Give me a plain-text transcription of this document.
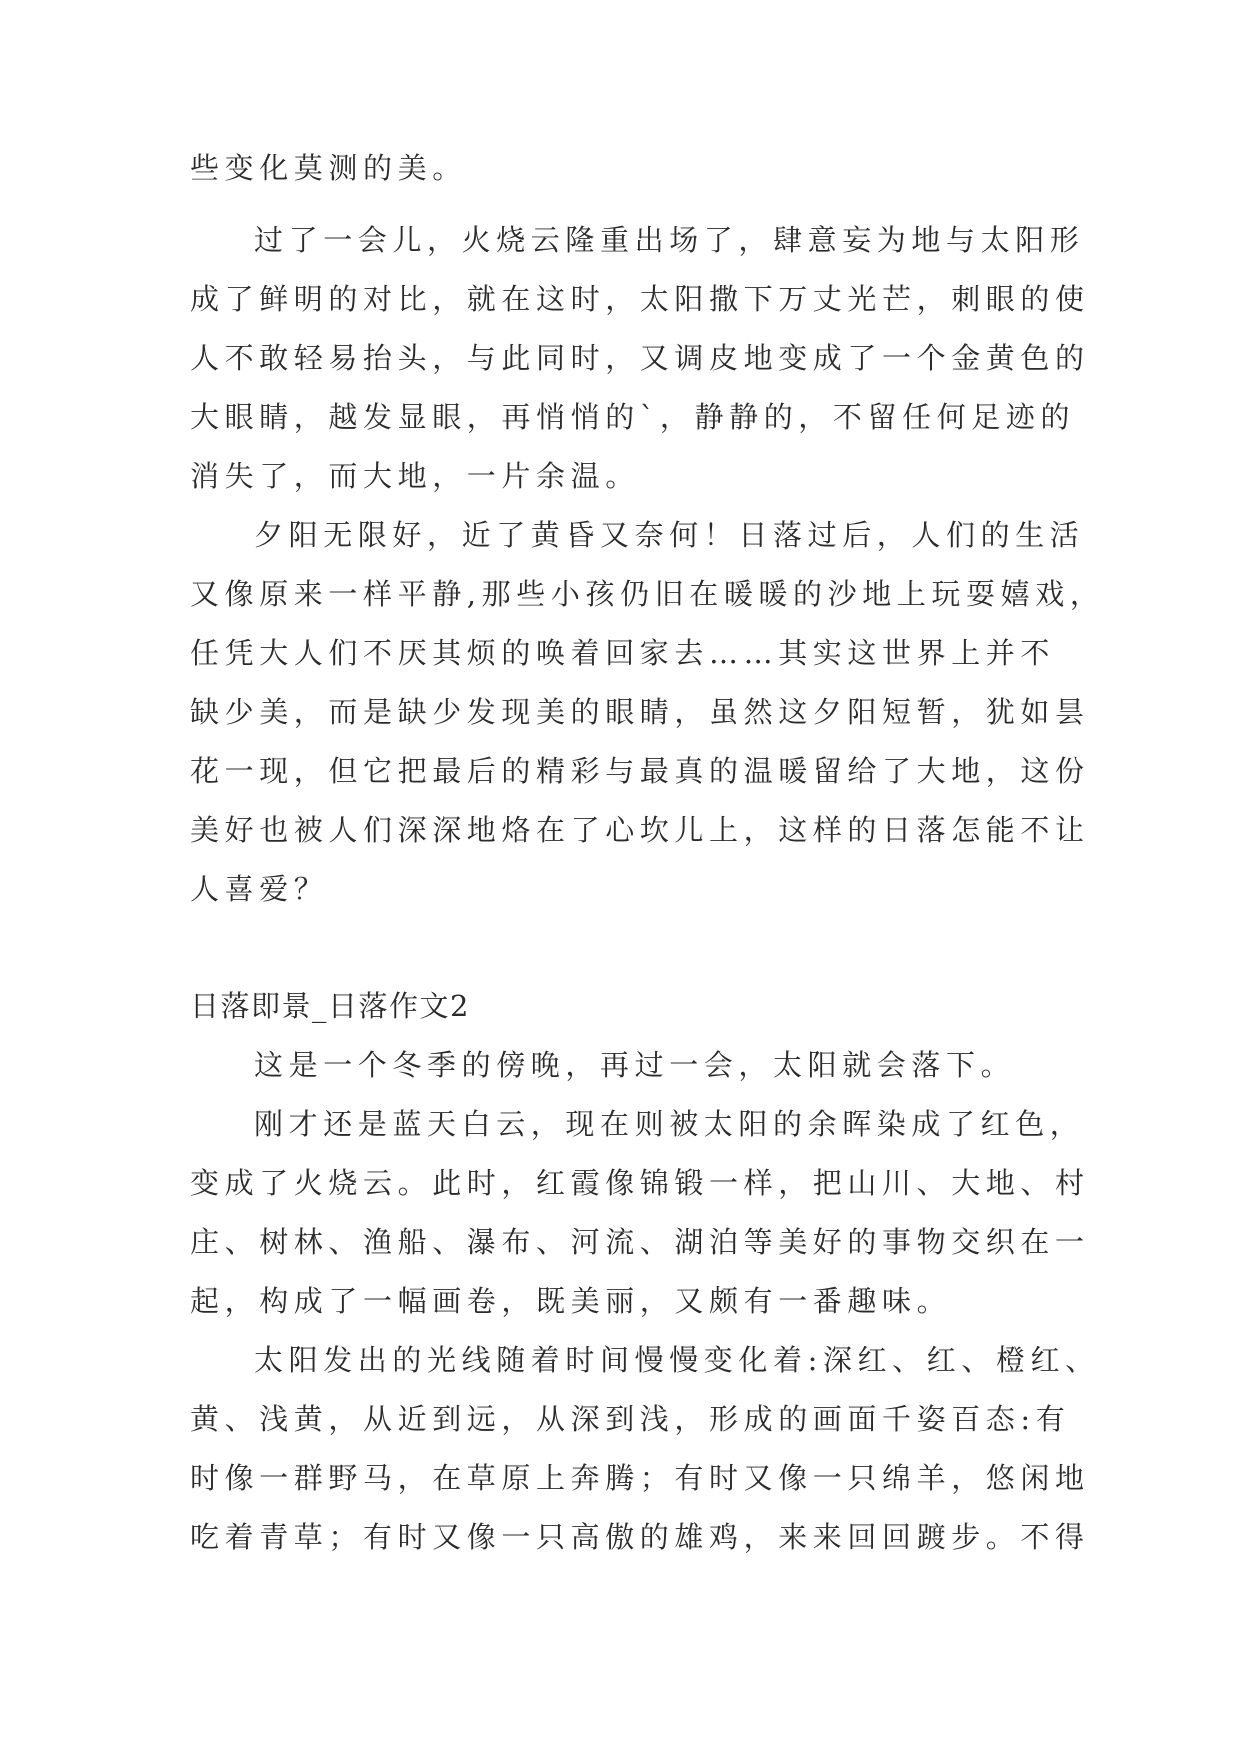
些变化莫测的美。
过了一会儿，火烧云隆重出场了，肆意妄为地与太阳形
成了鲜明的对比，就在这时，太阳撒下万丈光芒，刺眼的使
人不敢轻易抬头，与此同时，又调皮地变成了一个金黄色的
大眼睛，越发显眼，再悄悄的`，静静的，不留任何足迹的
消失了，而大地，一片余温。
夕阳无限好，近了黄昏又奈何！日落过后，人们的生活
又像原来一样平静,那些小孩仍旧在暖暖的沙地上玩耍嬉戏，
任凭大人们不厌其烦的唤着回家去……其实这世界上并不
缺少美，而是缺少发现美的眼睛，虽然这夕阳短暂，犹如昙
花一现，但它把最后的精彩与最真的温暖留给了大地，这份
美好也被人们深深地烙在了心坎儿上，这样的日落怎能不让
人喜爱？
日落即景_日落作文2
这是一个冬季的傍晚，再过一会，太阳就会落下。
刚才还是蓝天白云，现在则被太阳的余晖染成了红色，
变成了火烧云。此时，红霞像锦锻一样，把山川、大地、村
庄、树林、渔船、瀑布、河流、湖泊等美好的事物交织在一
起，构成了一幅画卷，既美丽，又颇有一番趣味。
太阳发出的光线随着时间慢慢变化着:深红、红、橙红、
黄、浅黄，从近到远，从深到浅，形成的画面千姿百态:有
时像一群野马，在草原上奔腾；有时又像一只绵羊，悠闲地
吃着青草；有时又像一只高傲的雄鸡，来来回回踱步。不得
